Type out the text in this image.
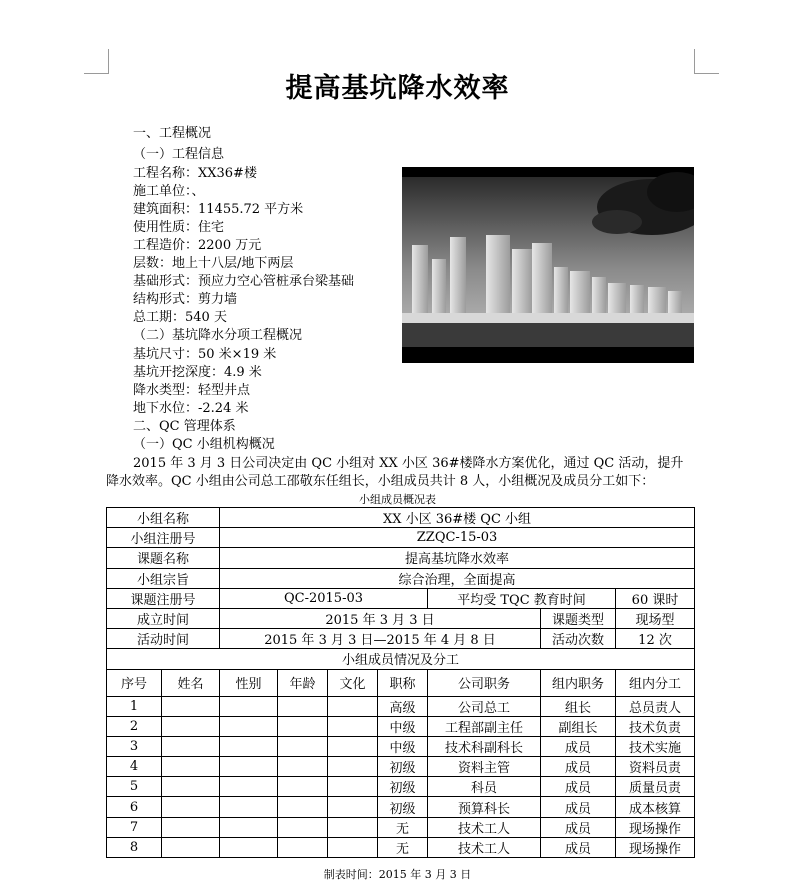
提高基坑降水效率
一、工程概况
（一）工程信息
工程名称：XX36#楼
施工单位：、
建筑面积：11455.72 平方米
使用性质：住宅
工程造价：2200 万元
层数：地上十八层/地下两层
基础形式：预应力空心管桩承台梁基础
结构形式：剪力墙
总工期：540 天
（二）基坑降水分项工程概况
基坑尺寸：50 米×19 米
基坑开挖深度：4.9 米
降水类型：轻型井点
地下水位：-2.24 米
二、QC 管理体系
（一）QC 小组机构概况
2015 年 3 月 3 日公司决定由 QC 小组对 XX 小区 36#楼降水方案优化，通过 QC 活动，提升
降水效率。QC 小组由公司总工邵敬东任组长，小组成员共计 8 人，小组概况及成员分工如下：
小组成员概况表
小组名称		XX 小区 36#楼 QC 小组						
小组注册号		ZZQC-15-03						
课题名称		提高基坑降水效率						
小组宗旨		综合治理，全面提高						
课题注册号		QC-2015-03				平均受 TQC 教育时间		60 课时
成立时间		2015 年 3 月 3 日					课题类型	现场型
活动时间		2015 年 3 月 3 日—2015 年 4 月 8 日					活动次数	12 次
小组成员情况及分工								
序号	姓名	性别	年龄	文化	职称	公司职务	组内职务	组内分工
1					高级	公司总工	组长	总员责人
2					中级	工程部副主任	副组长	技术负责
3					中级	技术科副科长	成员	技术实施
4					初级	资料主管	成员	资料员责
5					初级	科员	成员	质量员责
6					初级	预算科长	成员	成本核算
7					无	技术工人	成员	现场操作
8					无	技术工人	成员	现场操作
制表时间：2015 年 3 月 3 日
